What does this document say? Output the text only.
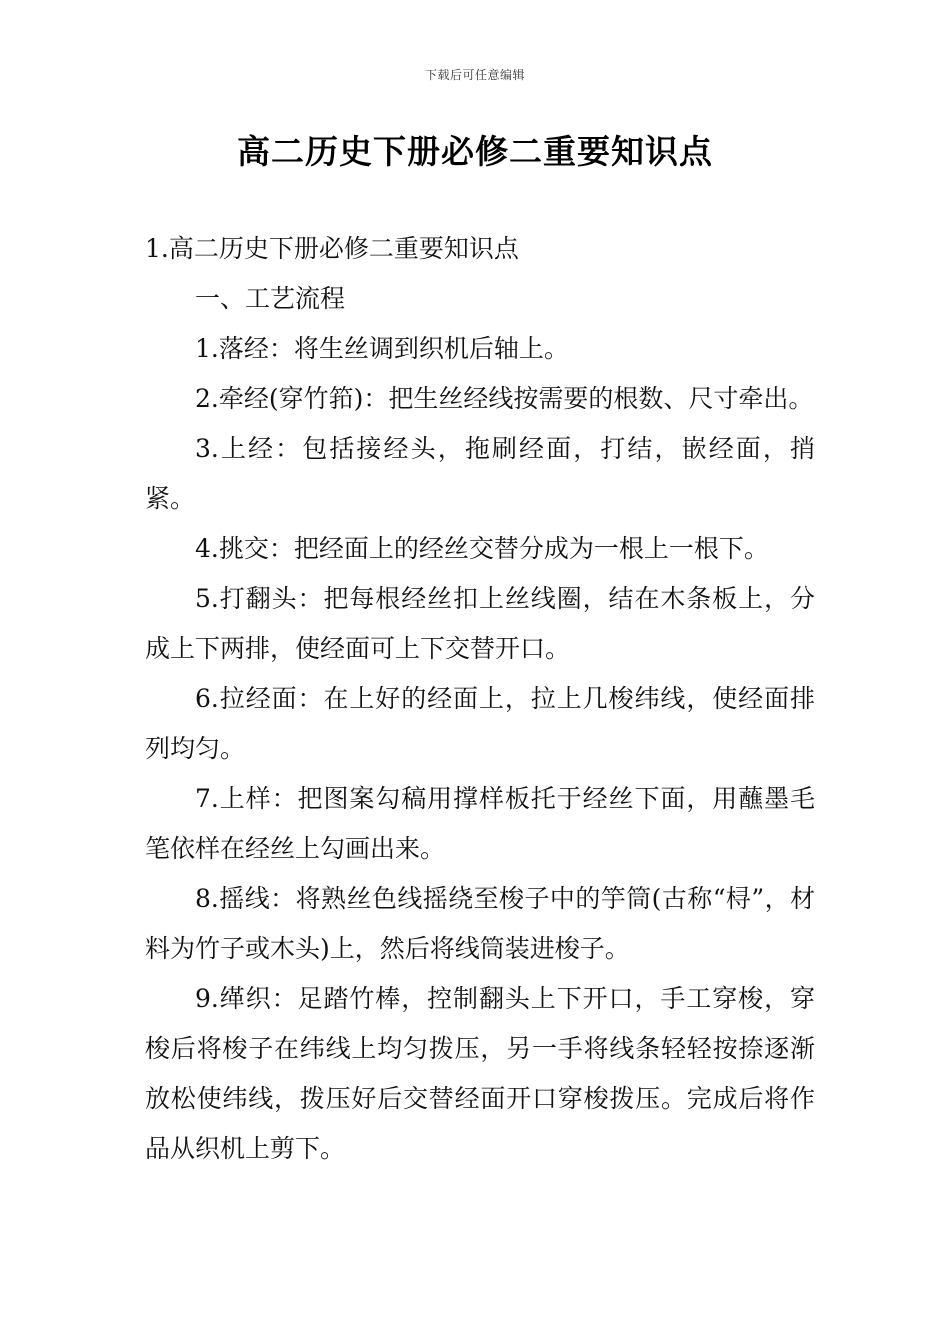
下载后可任意编辑
高二历史下册必修二重要知识点

1.高二历史下册必修二重要知识点

一、工艺流程

1.落经：将生丝调到织机后轴上。

2.牵经(穿竹筘)：把生丝经线按需要的根数、尺寸牵出。

3.上经：包括接经头，拖刷经面，打结，嵌经面，捎紧。

4.挑交：把经面上的经丝交替分成为一根上一根下。

5.打翻头：把每根经丝扣上丝线圈，结在木条板上，分成上下两排，使经面可上下交替开口。

6.拉经面：在上好的经面上，拉上几梭纬线，使经面排列均匀。

7.上样：把图案勾稿用撑样板托于经丝下面，用蘸墨毛笔依样在经丝上勾画出来。

8.摇线：将熟丝色线摇绕至梭子中的竽筒(古称“桪”，材料为竹子或木头)上，然后将线筒装进梭子。

9.缂织：足踏竹棒，控制翻头上下开口，手工穿梭，穿梭后将梭子在纬线上均匀拨压，另一手将线条轻轻按捺逐渐放松使纬线，拨压好后交替经面开口穿梭拨压。完成后将作品从织机上剪下。
